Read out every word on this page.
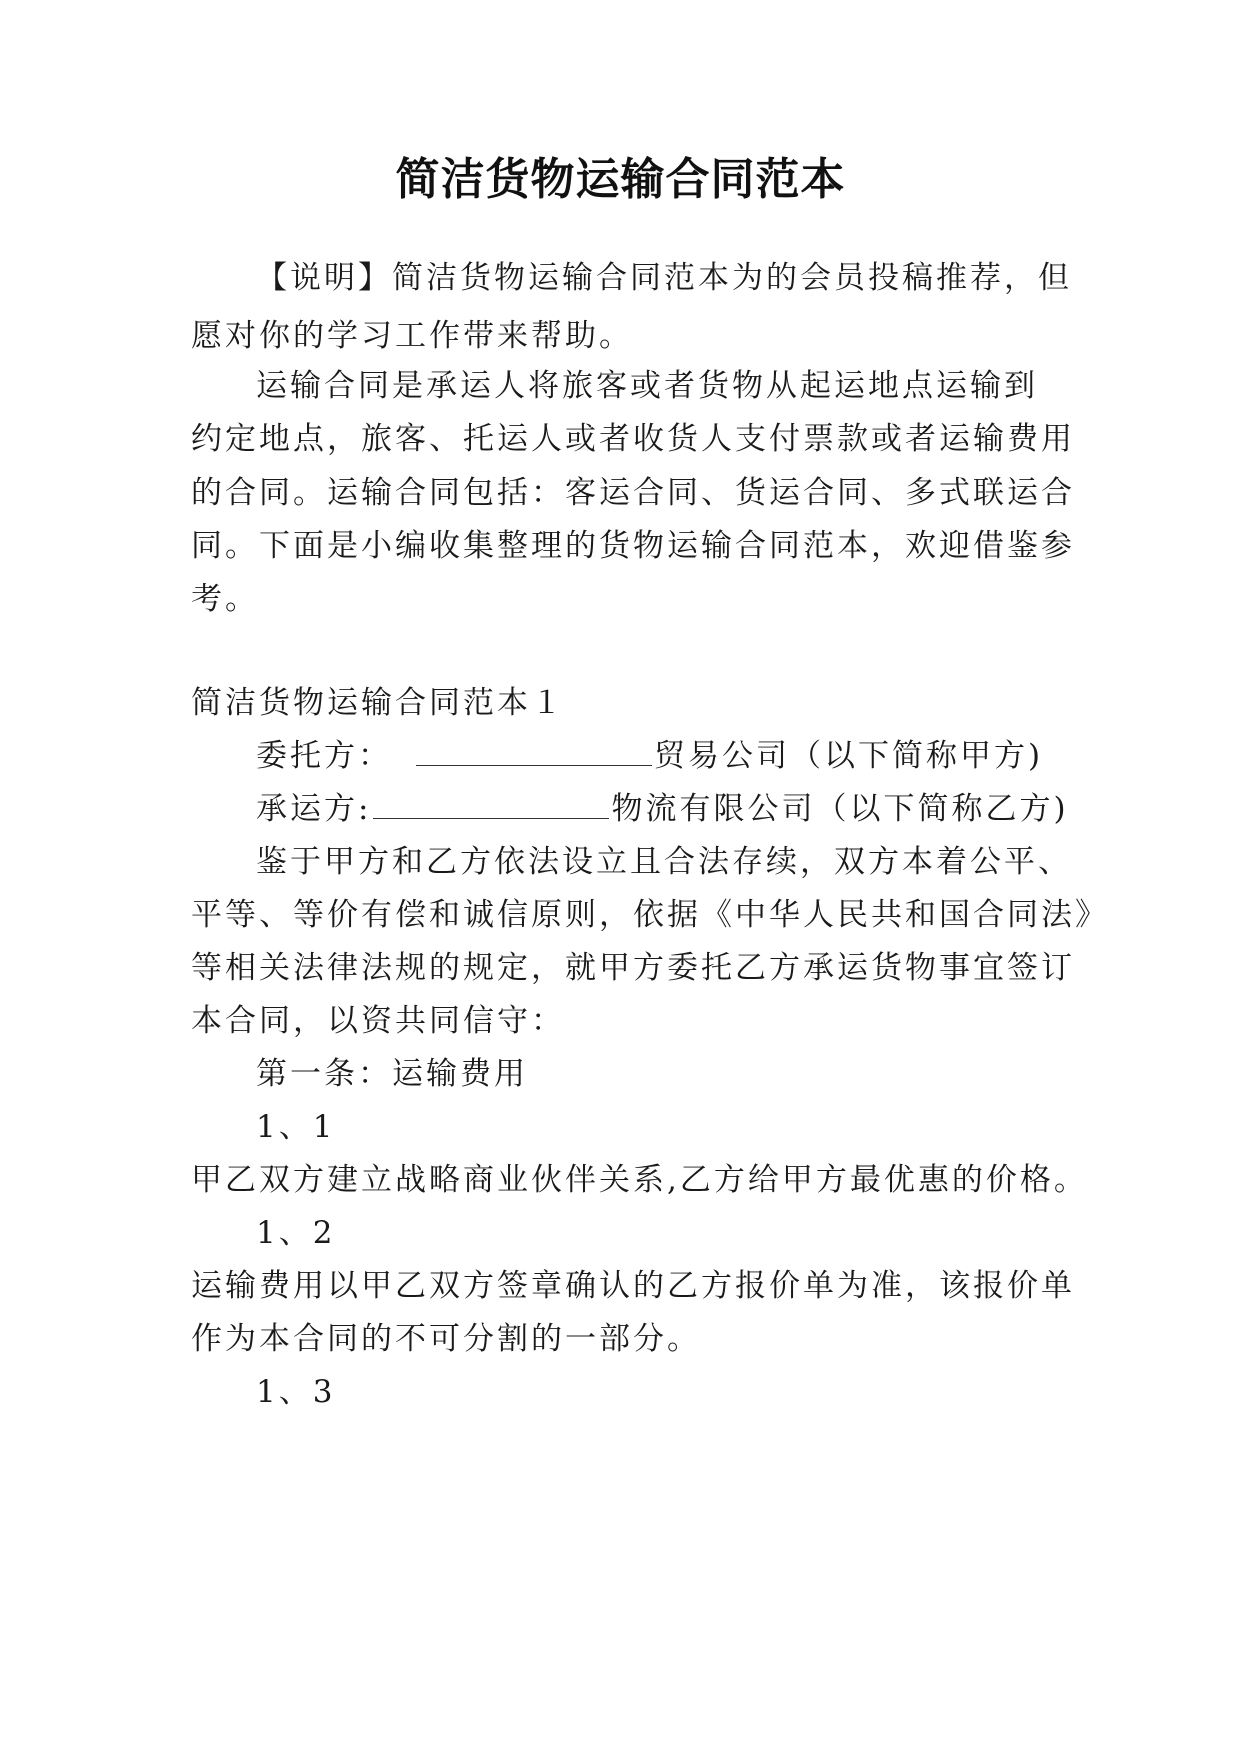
简洁货物运输合同范本
【说明】简洁货物运输合同范本为的会员投稿推荐，但
愿对你的学习工作带来帮助。
运输合同是承运人将旅客或者货物从起运地点运输到
约定地点，旅客、托运人或者收货人支付票款或者运输费用
的合同。运输合同包括：客运合同、货运合同、多式联运合
同。下面是小编收集整理的货物运输合同范本，欢迎借鉴参
考。
简洁货物运输合同范本１
委托方：	贸易公司（以下简称甲方)
承运方:	物流有限公司（以下简称乙方)
鉴于甲方和乙方依法设立且合法存续，双方本着公平、
平等、等价有偿和诚信原则，依据《中华人民共和国合同法》
等相关法律法规的规定，就甲方委托乙方承运货物事宜签订
本合同，以资共同信守：
第一条：运输费用
1、1
甲乙双方建立战略商业伙伴关系,乙方给甲方最优惠的价格。
1、2
运输费用以甲乙双方签章确认的乙方报价单为准，该报价单
作为本合同的不可分割的一部分。
1、3
